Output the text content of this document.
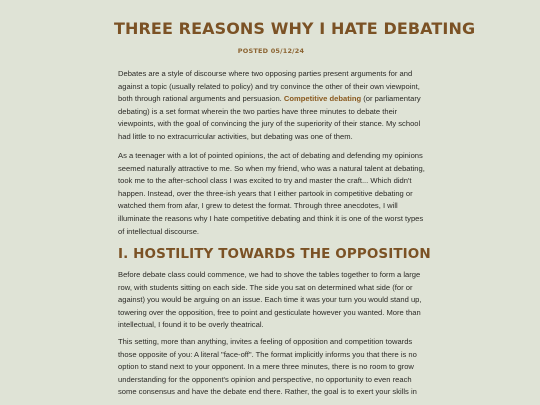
THREE REASONS WHY I HATE DEBATING
POSTED 05/12/24

Debates are a style of discourse where two opposing parties present arguments for and
against a topic (usually related to policy) and try convince the other of their own viewpoint,
both through rational arguments and persuasion. Competitive debating (or parliamentary
debating) is a set format wherein the two parties have three minutes to debate their
viewpoints, with the goal of convincing the jury of the superiority of their stance. My school
had little to no extracurricular activities, but debating was one of them.

As a teenager with a lot of pointed opinions, the act of debating and defending my opinions
seemed naturally attractive to me. So when my friend, who was a natural talent at debating,
took me to the after-school class I was excited to try and master the craft... Which didn't
happen. Instead, over the three-ish years that I either partook in competitive debating or
watched them from afar, I grew to detest the format. Through three anecdotes, I will
illuminate the reasons why I hate competitive debating and think it is one of the worst types
of intellectual discourse.

I. HOSTILITY TOWARDS THE OPPOSITION

Before debate class could commence, we had to shove the tables together to form a large
row, with students sitting on each side. The side you sat on determined what side (for or
against) you would be arguing on an issue. Each time it was your turn you would stand up,
towering over the opposition, free to point and gesticulate however you wanted. More than
intellectual, I found it to be overly theatrical.

This setting, more than anything, invites a feeling of opposition and competition towards
those opposite of you: A literal "face-off". The format implicitly informs you that there is no
option to stand next to your opponent. In a mere three minutes, there is no room to grow
understanding for the opponent's opinion and perspective, no opportunity to even reach
some consensus and have the debate end there. Rather, the goal is to exert your skills in
